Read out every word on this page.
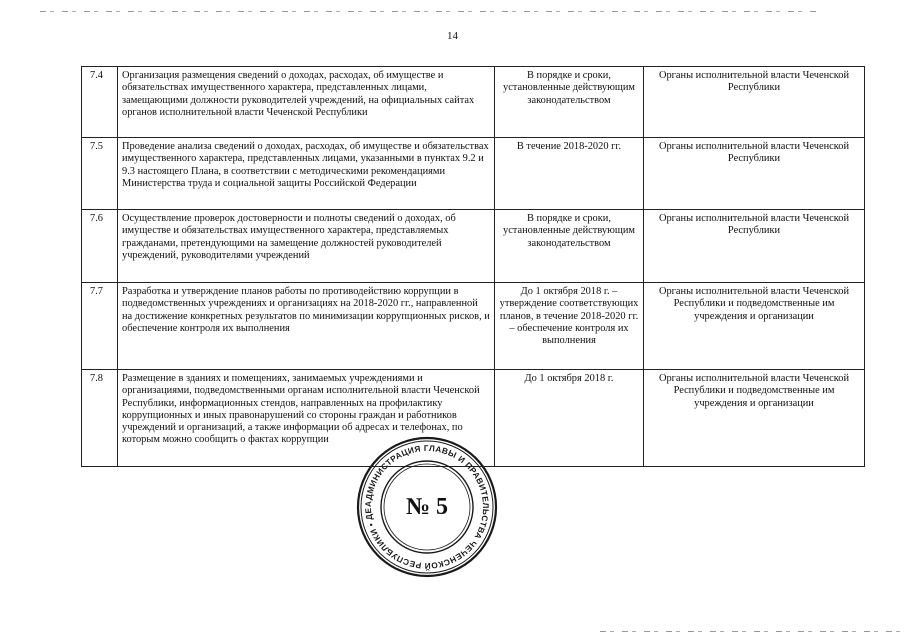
14
7.4	Организация размещения сведений о доходах, расходах, об имуществе и обязательствах имущественного характера, представленных лицами, замещающими должности руководителей учреждений, на официальных сайтах органов исполнительной власти Чеченской Республики	В порядке и сроки, установленные действующим законодательством	Органы исполнительной власти Чеченской Республики
7.5	Проведение анализа сведений о доходах, расходах, об имуществе и обязательствах имущественного характера, представленных лицами, указанными в пунктах 9.2 и 9.3 настоящего Плана, в соответствии с методическими рекомендациями Министерства труда и социальной защиты Российской Федерации	В течение 2018-2020 гг.	Органы исполнительной власти Чеченской Республики
7.6	Осуществление проверок достоверности и полноты сведений о доходах, об имуществе и обязательствах имущественного характера, представляемых гражданами, претендующими на замещение должностей руководителей учреждений, руководителями учреждений	В порядке и сроки, установленные действующим законодательством	Органы исполнительной власти Чеченской Республики
7.7	Разработка и утверждение планов работы по противодействию коррупции в подведомственных учреждениях и организациях на 2018-2020 гг., направленной на достижение конкретных результатов по минимизации коррупционных рисков, и обеспечение контроля их выполнения	До 1 октября 2018 г. – утверждение соответствующих планов, в течение 2018-2020 гг. – обеспечение контроля их выполнения	Органы исполнительной власти Чеченской Республики и подведомственные им учреждения и организации
7.8	Размещение в зданиях и помещениях, занимаемых учреждениями и организациями, подведомственными органам исполнительной власти Чеченской Республики, информационных стендов, направленных на профилактику коррупционных и иных правонарушений со стороны граждан и работников учреждений и организаций, а также информации об адресах и телефонах, по которым можно сообщить о фактах коррупции	До 1 октября 2018 г.	Органы исполнительной власти Чеченской Республики и подведомственные им учреждения и организации
АДМИНИСТРАЦИЯ ГЛАВЫ И ПРАВИТЕЛЬСТВА ЧЕЧЕНСКОЙ РЕСПУБЛИКИ • ДЕ	№ 5
